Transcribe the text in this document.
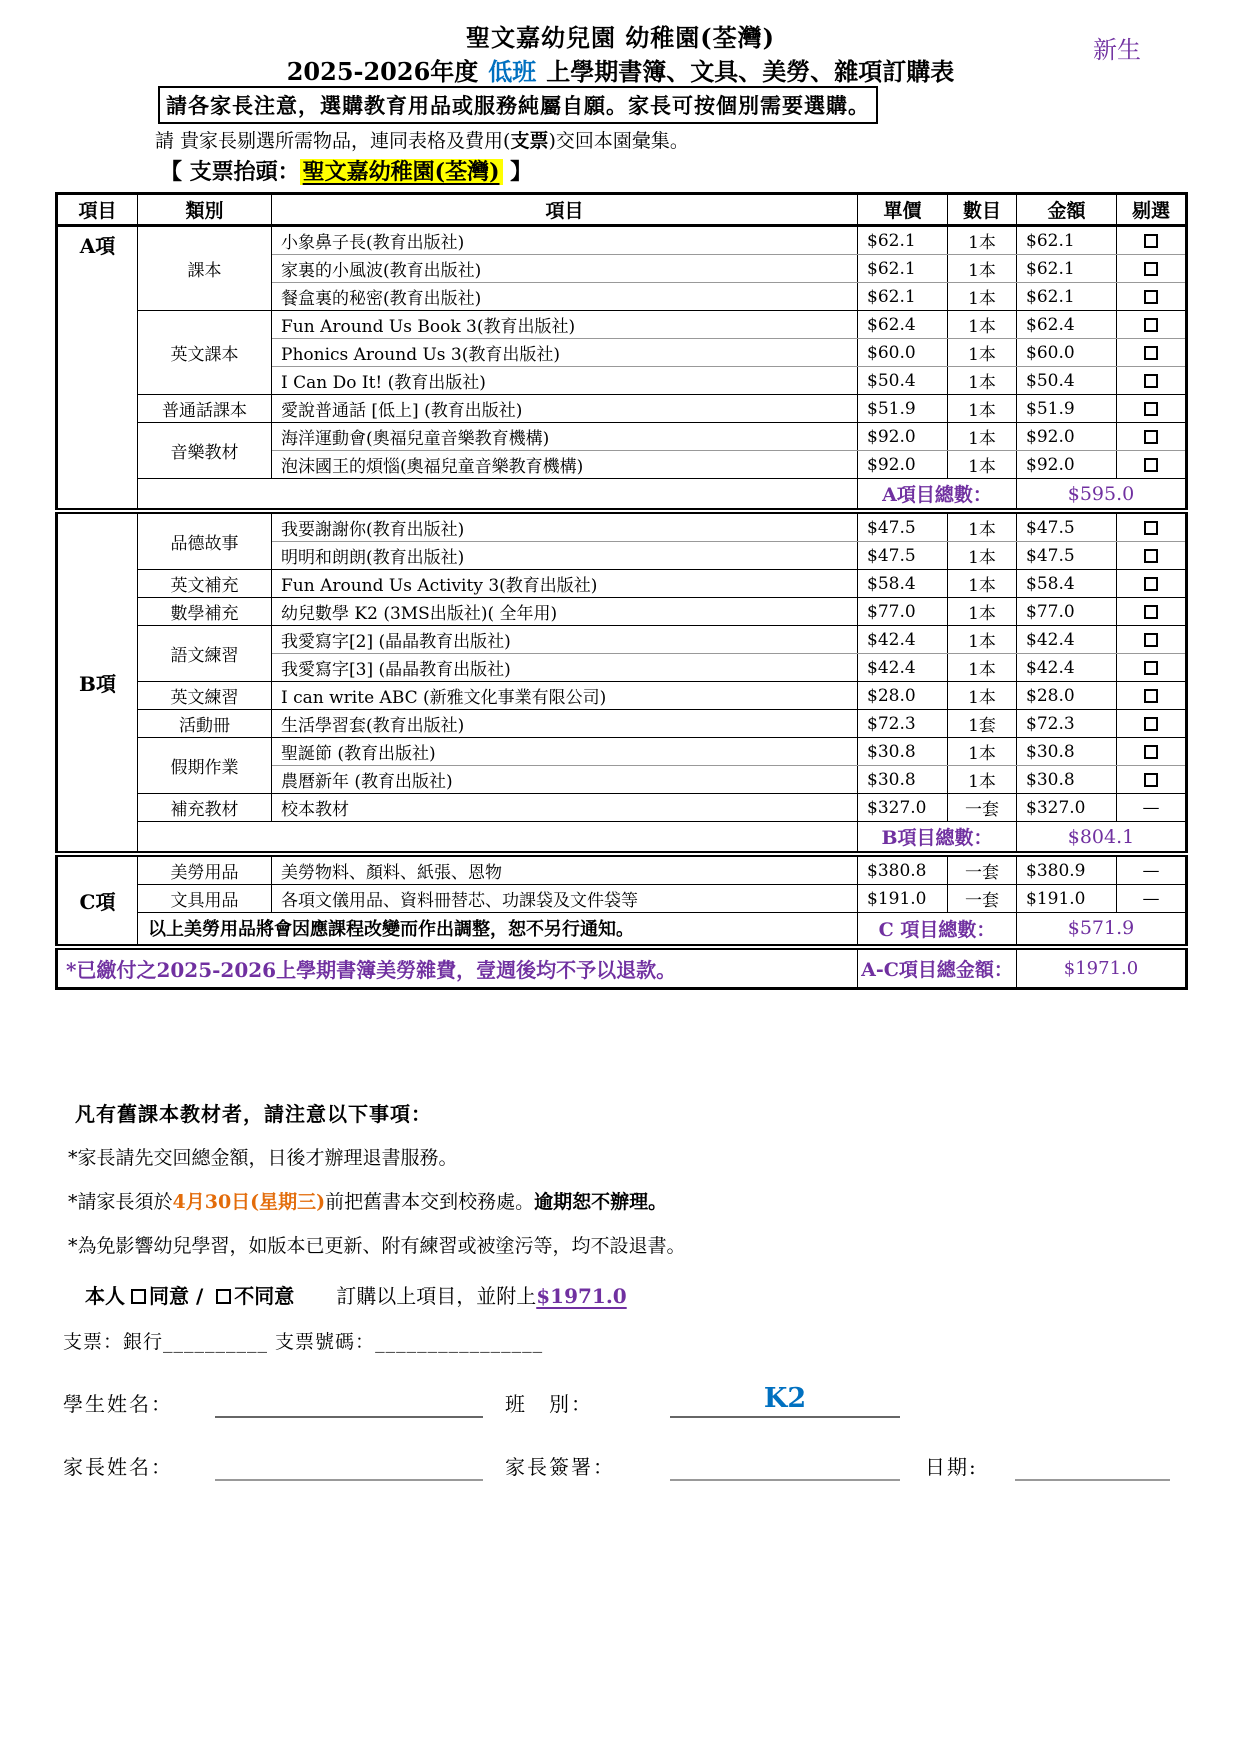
聖文嘉幼兒園 幼稚園(荃灣)	新生
2025-2026年度 低班 上學期書簿、文具、美勞、雜項訂購表
請各家長注意，選購教育用品或服務純屬自願。家長可按個別需要選購。
請 貴家長剔選所需物品，連同表格及費用(支票)交回本園彙集。
【 支票抬頭： 聖文嘉幼稚園(荃灣) 】
項目	類別	項目	單價	數目	金額	剔選
A項	課本	小象鼻子長(教育出版社)	$62.1	1本	$62.1	
		家裏的小風波(教育出版社)	$62.1	1本	$62.1	
		餐盒裏的秘密(教育出版社)	$62.1	1本	$62.1	
	英文課本	Fun Around Us Book 3(教育出版社)	$62.4	1本	$62.4	
		Phonics Around Us 3(教育出版社)	$60.0	1本	$60.0	
		I Can Do It! (教育出版社)	$50.4	1本	$50.4	
	普通話課本	愛說普通話 [低上] (教育出版社)	$51.9	1本	$51.9	
	音樂教材	海洋運動會(奧福兒童音樂教育機構)	$92.0	1本	$92.0	
		泡沫國王的煩惱(奧福兒童音樂教育機構)	$92.0	1本	$92.0	
			A項目總數：		$595.0	
B項	品德故事	我要謝謝你(教育出版社)	$47.5	1本	$47.5	
		明明和朗朗(教育出版社)	$47.5	1本	$47.5	
	英文補充	Fun Around Us Activity 3(教育出版社)	$58.4	1本	$58.4	
	數學補充	幼兒數學 K2 (3MS出版社)( 全年用)	$77.0	1本	$77.0	
	語文練習	我愛寫字[2] (晶晶教育出版社)	$42.4	1本	$42.4	
		我愛寫字[3] (晶晶教育出版社)	$42.4	1本	$42.4	
	英文練習	I can write ABC (新雅文化事業有限公司)	$28.0	1本	$28.0	
	活動冊	生活學習套(教育出版社)	$72.3	1套	$72.3	
	假期作業	聖誕節 (教育出版社)	$30.8	1本	$30.8	
		農曆新年 (教育出版社)	$30.8	1本	$30.8	
	補充教材	校本教材	$327.0	一套	$327.0	—
			B項目總數：		$804.1	
C項	美勞用品	美勞物料、顏料、紙張、恩物	$380.8	一套	$380.9	—
	文具用品	各項文儀用品、資料冊替芯、功課袋及文件袋等	$191.0	一套	$191.0	—
	以上美勞用品將會因應課程改變而作出調整，恕不另行通知。		C 項目總數：		$571.9	
*已繳付之2025-2026上學期書簿美勞雜費，壹週後均不予以退款。			A-C項目總金額：		$1971.0	
凡有舊課本教材者，請注意以下事項：
*家長請先交回總金額，日後才辦理退書服務。
*請家長須於4月30日(星期三)前把舊書本交到校務處。逾期恕不辦理。
*為免影響幼兒學習，如版本已更新、附有練習或被塗污等，均不設退書。
本人 同意 / 不同意 訂購以上項目，並附上$1971.0
支票：銀行__________ 支票號碼：________________
學生姓名：	班　別：	K2
家長姓名：	家長簽署：	日期:
